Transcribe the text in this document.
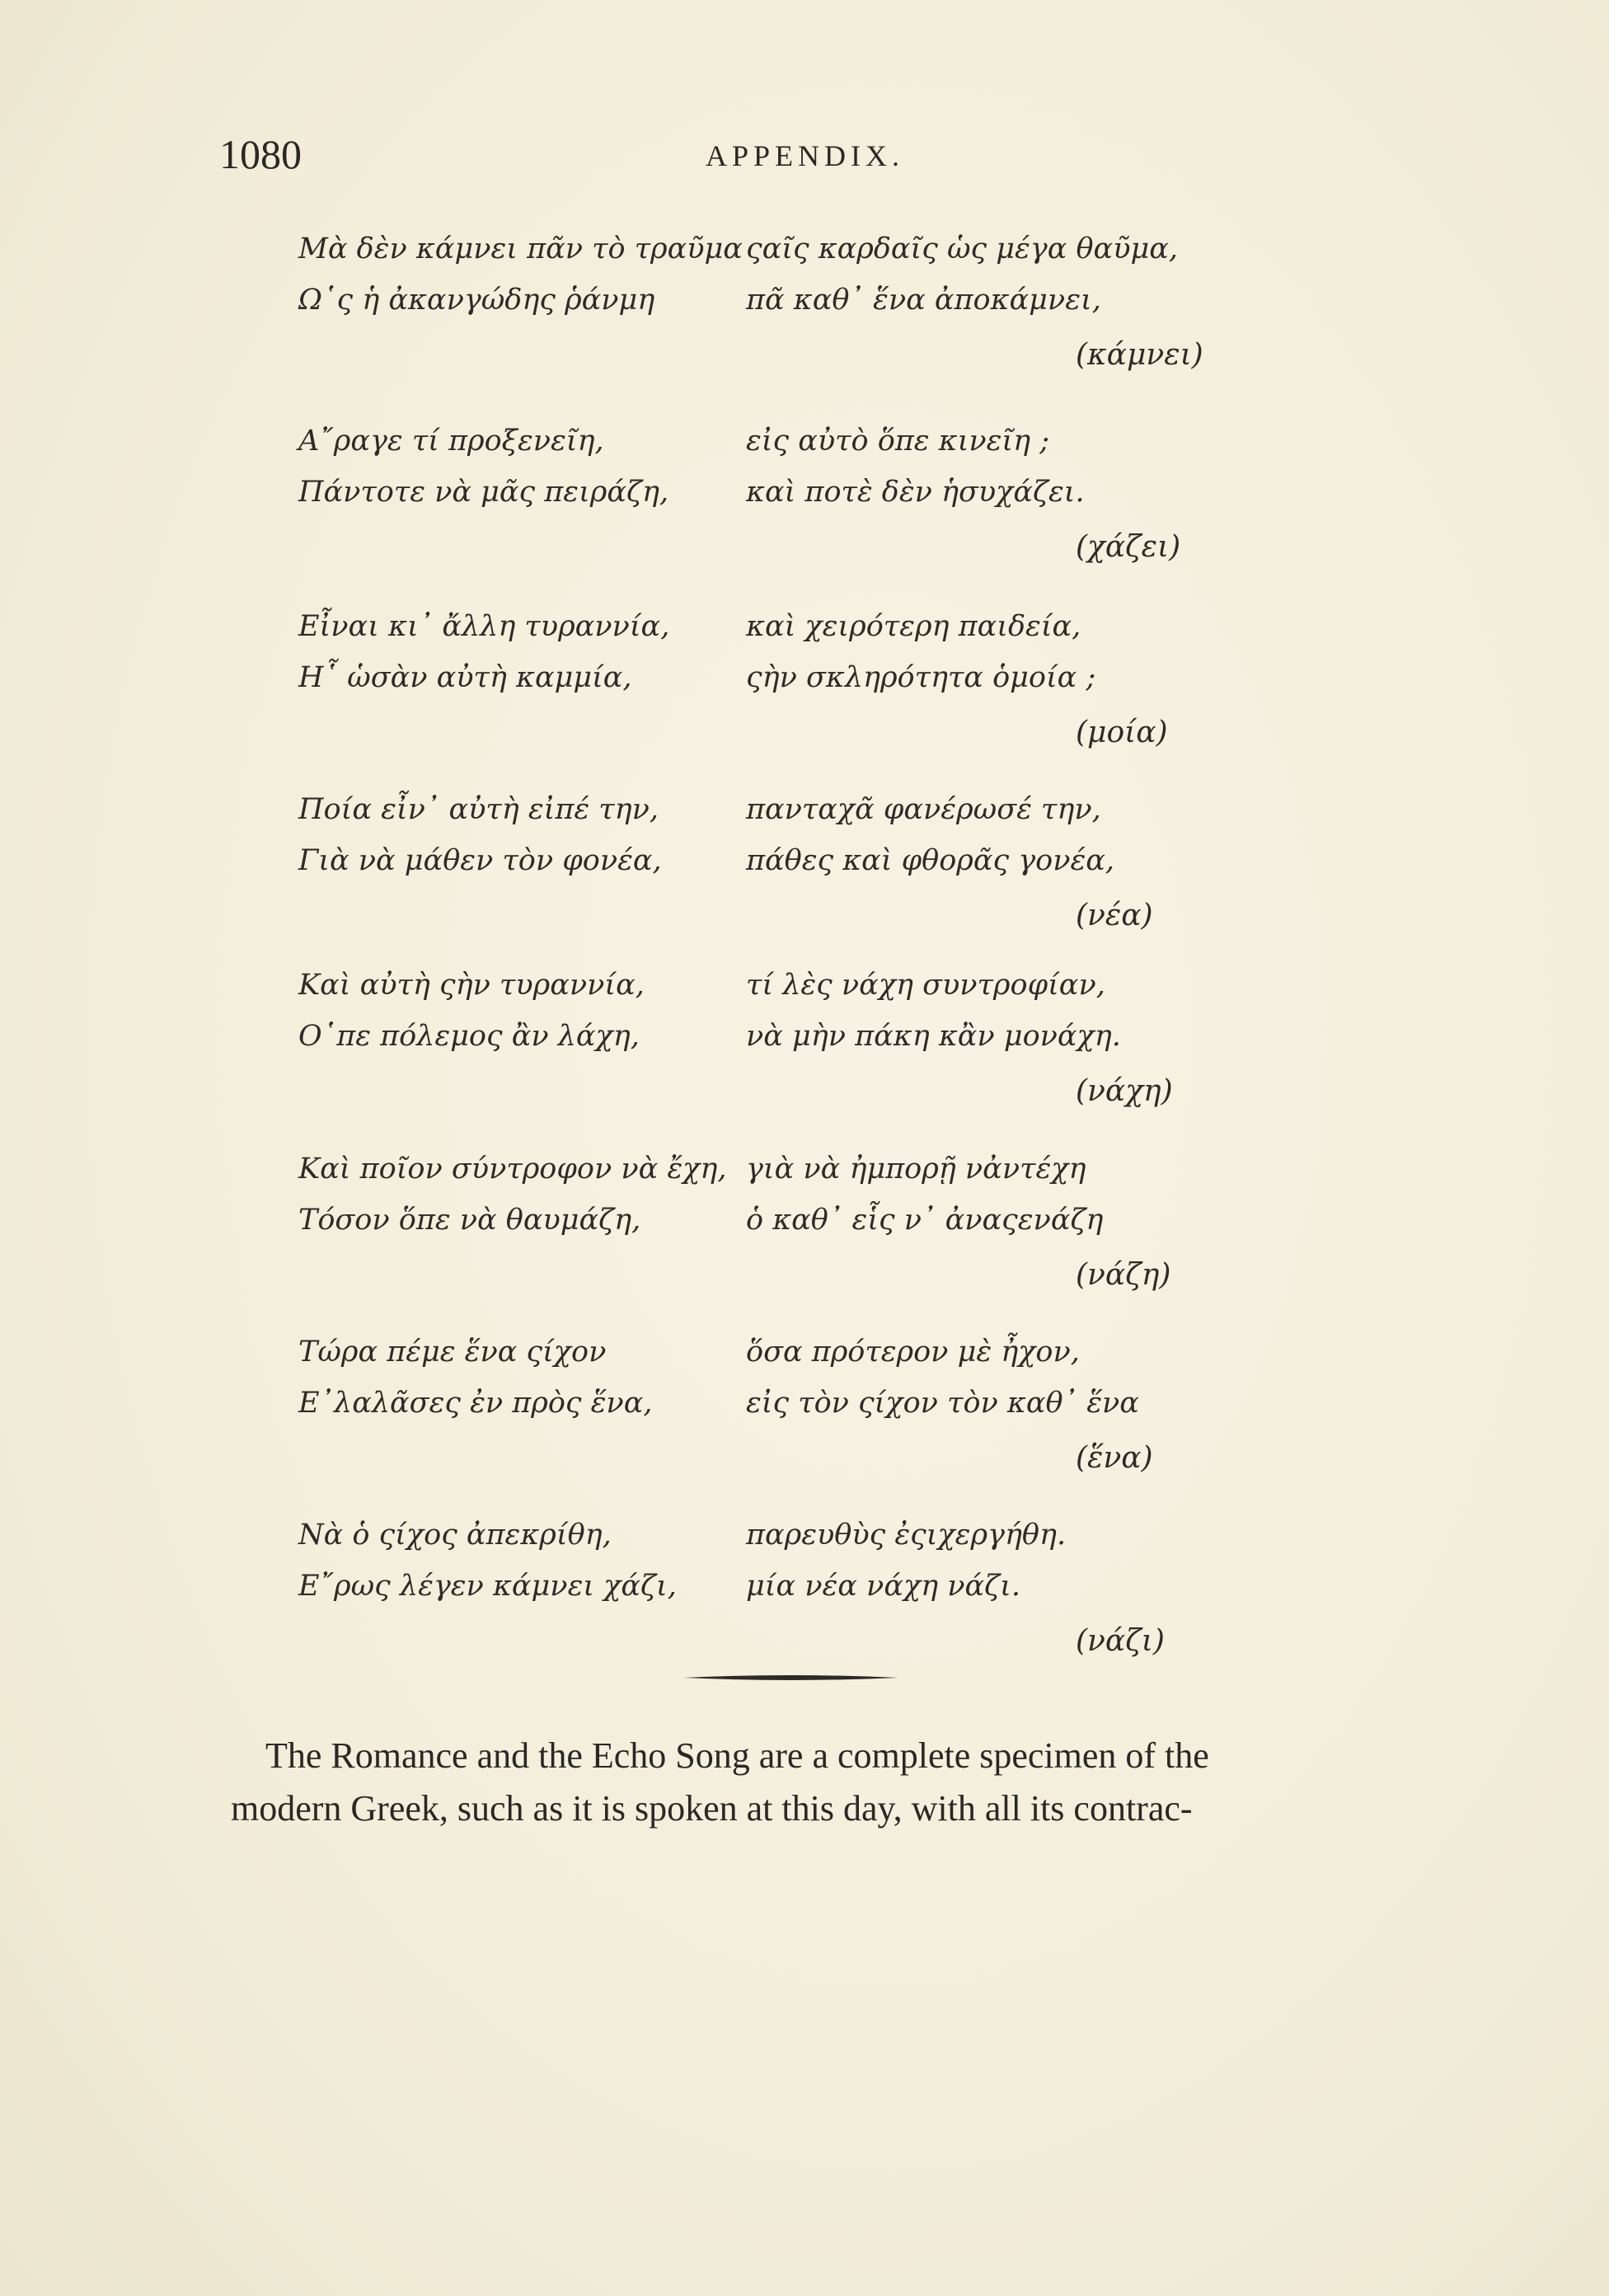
1080	APPENDIX.
Μὰ δὲν κάμνει πᾶν τὸ τραῦμα
Ω῾ς ἡ ἀκανγώδης ῥάνμη
ςαῖς καρδαῖς ὡς μέγα θαῦμα,
πᾶ καθ᾽ ἕνα ἀποκάμνει,
(κάμνει)
Α῎ραγε τί προξενεῖη,
Πάντοτε νὰ μᾶς πειράζη,
εἰς αὐτὸ ὅπε κινεῖη ;
καὶ ποτὲ δὲν ἡσυχάζει.
(χάζει)
Εἶναι κι᾽ ἄλλη τυραννία,
Η῟ ὡσὰν αὐτὴ καμμία,
καὶ χειρότερη παιδεία,
ςὴν σκληρότητα ὁμοία ;
(μοία)
Ποία εἶν᾽ αὐτὴ εἰπέ την,
Γιὰ νὰ μάθεν τὸν φονέα,
πανταχᾶ φανέρωσέ την,
πάθες καὶ φθορᾶς γονέα,
(νέα)
Καὶ αὐτὴ ςὴν τυραννία,
Ο῾πε πόλεμος ἂν λάχη,
τί λὲς νάχη συντροφίαν,
νὰ μὴν πάκη κἂν μονάχη.
(νάχη)
Καὶ ποῖον σύντροφον νὰ ἔχη,
Τόσον ὅπε νὰ θαυμάζη,
γιὰ νὰ ἠμπορῇ νἀντέχη
ὁ καθ᾽ εἷς ν᾽ ἀναςενάζη
(νάζη)
Τώρα πέμε ἕνα ςίχον
Ε᾽λαλᾶσες ἐν πρὸς ἕνα,
ὅσα πρότερον μὲ ἦχον,
εἰς τὸν ςίχον τὸν καθ᾽ ἕνα
(ἕνα)
Νὰ ὁ ςίχος ἀπεκρίθη,
Ε῎ρως λέγεν κάμνει χάζι,
παρευθὺς ἐςιχεργήθη.
μία νέα νάχη νάζι.
(νάζι)
The Romance and the Echo Song are a complete specimen of the
modern Greek, such as it is spoken at this day, with all its contrac-
